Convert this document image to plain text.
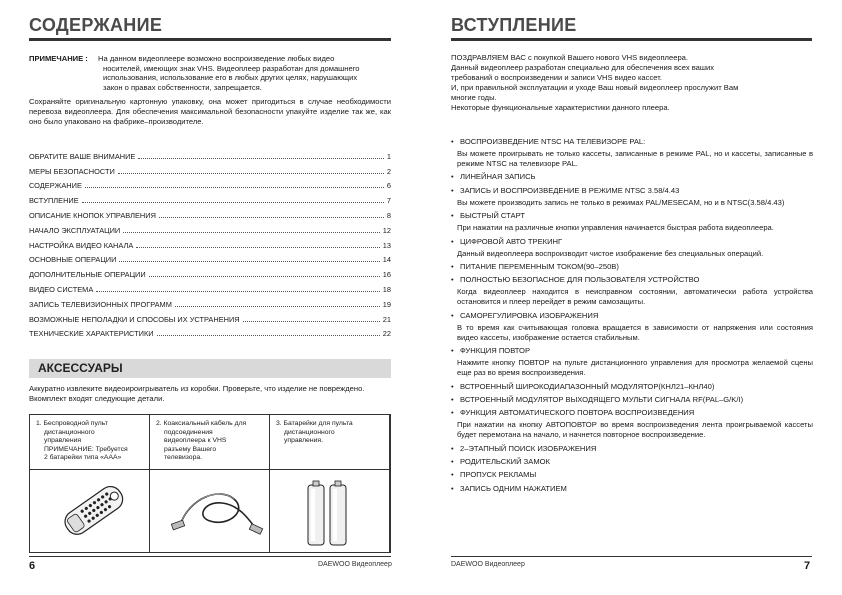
СОДЕРЖАНИЕ
ПРИМЕЧАНИЕ : На данном видеоплеере возможно воспроизведение любых видео
носителей, имеющих знак VHS. Видеоплеер разработан для домашнего
использования, использование его в любых других целях, нарушающих
закон о правах собственности, запрещается.
Сохраняйте оригинальную картонную упаковку, она может пригодиться в случае необходимости перевоза видеоплеера. Для обеспечения максимальной безопасности упакуйте изделие так же, как оно было упаковано на фабрике–производителе.
ОБРАТИТЕ ВАШЕ ВНИМАНИЕ	1
МЕРЫ БЕЗОПАСНОСТИ	2
СОДЕРЖАНИЕ	6
ВСТУПЛЕНИЕ	7
ОПИСАНИЕ КНОПОК УПРАВЛЕНИЯ	8
НАЧАЛО ЭКСПЛУАТАЦИИ	12
НАСТРОЙКА ВИДЕО КАНАЛА	13
ОСНОВНЫЕ ОПЕРАЦИИ	14
ДОПОЛНИТЕЛЬНЫЕ ОПЕРАЦИИ	16
ВИДЕО СИСТЕМА	18
ЗАПИСЬ ТЕЛЕВИЗИОННЫХ ПРОГРАММ	19
ВОЗМОЖНЫЕ НЕПОЛАДКИ И СПОСОБЫ ИХ УСТРАНЕНИЯ	21
ТЕХНИЧЕСКИЕ ХАРАКТЕРИСТИКИ	22
АКСЕССУАРЫ
Аккуратно извлеките видеоироигрыватель из коробки. Проверьте, что изделие не повреждено. Вкомплект входят следующие детали.
1. Беспроводной пульт
дистанционного
управления
ПРИМЕЧАНИЕ: Требуется
2 батарейки типа «AAA»
2. Коаксиальный кабель для
подсоединения
видеоплеера к VHS
разъему Вашего
телевизора.
3. Батарейки для пульта
дистанционного
управления.
6	DAEWOO Видеоплеер
ВСТУПЛЕНИЕ
ПОЗДРАВЛЯЕМ ВАС с покупкой Вашего нового VHS видеоплеера.
Данный видеоплеер разработан специально для обеспечения всех ваших
требований о воспроизведении и записи VHS видео кассет.
И, при правильной эксплуатации и уходе Ваш новый видеоплеер прослужит Вам
многие годы.
Некоторые функциональные характеристики данного плеера.
• ВОСПРОИЗВЕДЕНИЕ NTSC НА ТЕЛЕВИЗОРЕ PAL:
Вы можете проигрывать не только кассеты, записанные в режиме PAL, но и кассеты, записанные в режиме NTSC на телевизоре PAL.
• ЛИНЕЙНАЯ ЗАПИСЬ
• ЗАПИСЬ И ВОСПРОИЗВЕДЕНИЕ В РЕЖИМЕ NTSC 3.58/4.43
Вы можете производить запись не только в режимах PAL/MESECAM, но и в NTSC(3.58/4.43)
• БЫСТРЫЙ СТАРТ
При нажатии на различные кнопки управления начинается быстрая работа видеоплеера.
• ЦИФРОВОЙ АВТО ТРЕКИНГ
Данный видеоплеера воспроизводит чистое изображение без специальных операций.
• ПИТАНИЕ ПЕРЕМЕННЫМ ТОКОМ(90–250В)
• ПОЛНОСТЬЮ БЕЗОПАСНОЕ ДЛЯ ПОЛЬЗОВАТЕЛЯ УСТРОЙСТВО
Когда видеоплеер находится в неисправном состоянии, автоматически работа устройства остановится и плеер перейдет в режим самозащиты.
• САМОРЕГУЛИРОВКА ИЗОБРАЖЕНИЯ
В то время как считывающая головка вращается в зависимости от напряжения или состояния видео кассеты, изображение остается стабильным.
• ФУНКЦИЯ ПОВТОР
Нажмите кнопку ПОВТОР на пульте дистанционного управления для просмотра желаемой сцены еще раз во время воспроизведения.
• ВСТРОЕННЫЙ ШИРОКОДИАПАЗОННЫЙ МОДУЛЯТОР(КНЛ21–КНЛ40)
• ВСТРОЕННЫЙ МОДУЛЯТОР ВЫХОДЯЩЕГО МУЛЬТИ СИГНАЛА RF(PAL–G/K/I)
• ФУНКЦИЯ АВТОМАТИЧЕСКОГО ПОВТОРА ВОСПРОИЗВЕДЕНИЯ
При нажатии на кнопку АВТОПОВТОР во время воспроизведения лента проигрываемой кассеты будет перемотана на начало, и начнется повторное воспроизведение.
• 2–ЭТАПНЫЙ ПОИСК ИЗОБРАЖЕНИЯ
• РОДИТЕЛЬСКИЙ ЗАМОК
• ПРОПУСК РЕКЛАМЫ
• ЗАПИСЬ ОДНИМ НАЖАТИЕМ
DAEWOO Видеоплеер	7
